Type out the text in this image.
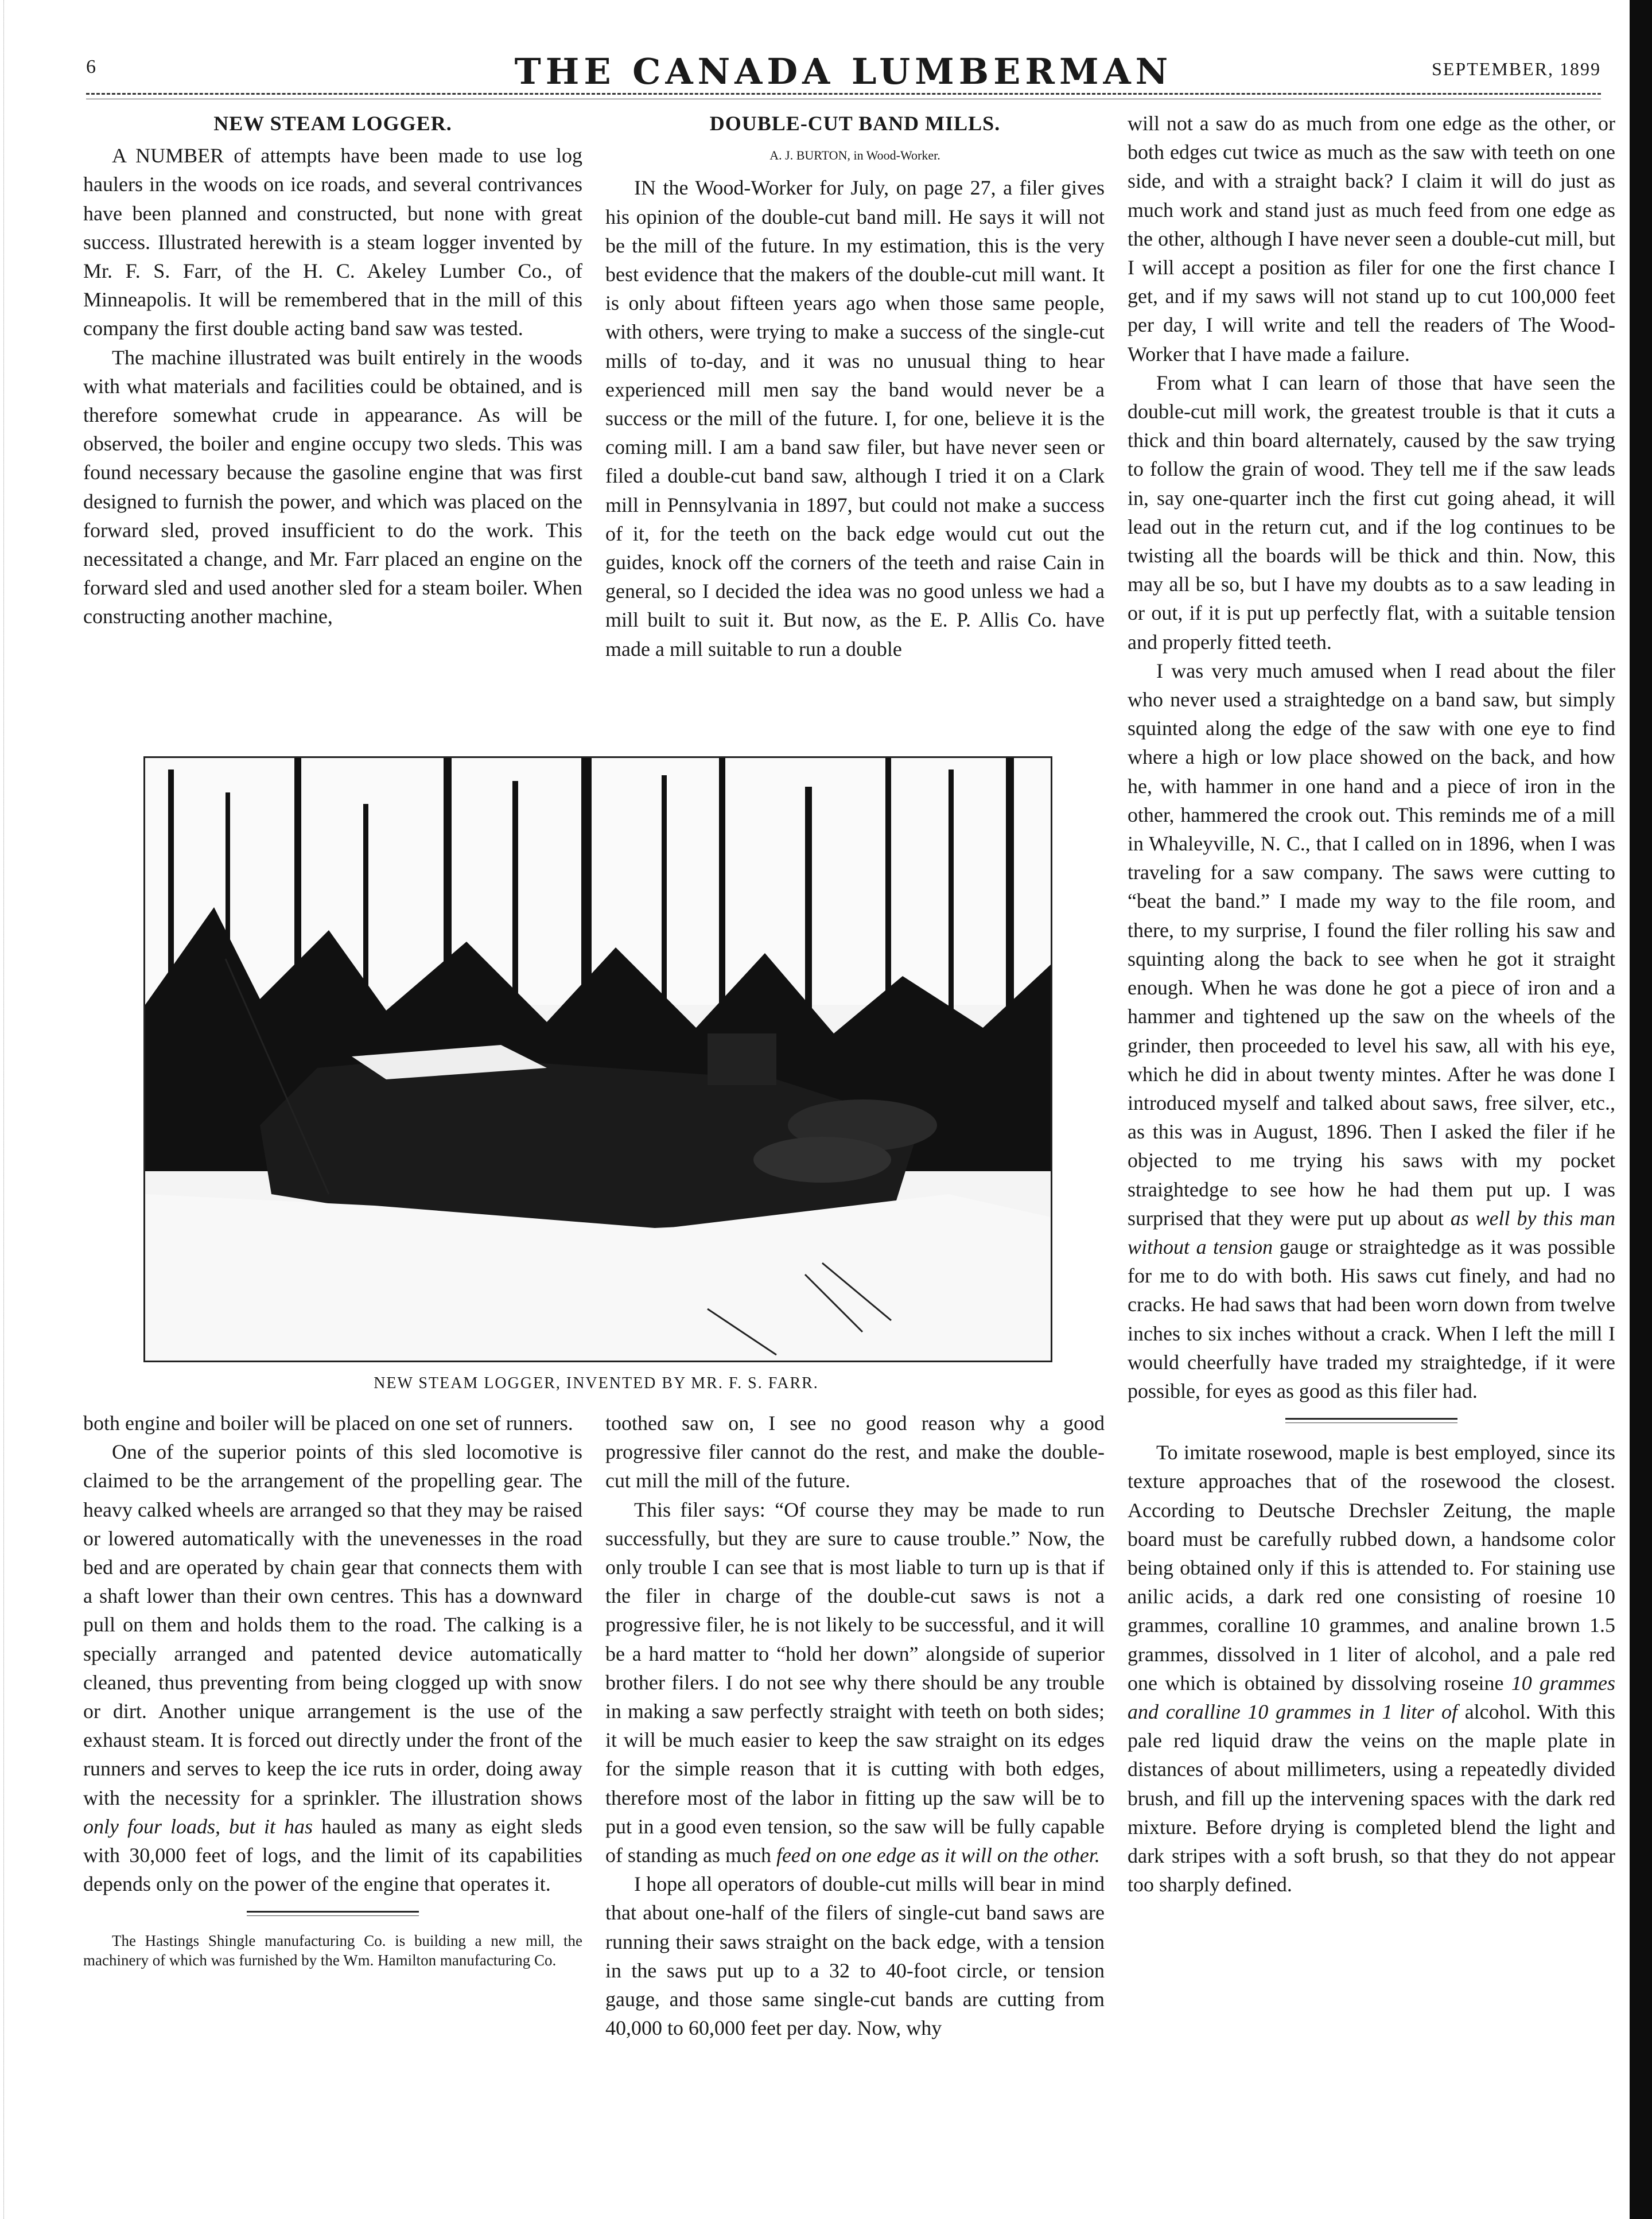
6	THE CANADA LUMBERMAN	SEPTEMBER, 1899
NEW STEAM LOGGER.

A NUMBER of attempts have been made to use log haulers in the woods on ice roads, and several contrivances have been planned and constructed, but none with great success. Illustrated herewith is a steam logger invented by Mr. F. S. Farr, of the H. C. Akeley Lumber Co., of Minneapolis. It will be remembered that in the mill of this company the first double acting band saw was tested.

The machine illustrated was built entirely in the woods with what materials and facilities could be obtained, and is therefore somewhat crude in appearance. As will be observed, the boiler and engine occupy two sleds. This was found necessary because the gasoline engine that was first designed to furnish the power, and which was placed on the forward sled, proved insufficient to do the work. This necessitated a change, and Mr. Farr placed an engine on the forward sled and used another sled for a steam boiler. When constructing another machine,

DOUBLE-CUT BAND MILLS.
A. J. BURTON, in Wood-Worker.

IN the Wood-Worker for July, on page 27, a filer gives his opinion of the double-cut band mill. He says it will not be the mill of the future. In my estimation, this is the very best evidence that the makers of the double-cut mill want. It is only about fifteen years ago when those same people, with others, were trying to make a success of the single-cut mills of to-day, and it was no unusual thing to hear experienced mill men say the band would never be a success or the mill of the future. I, for one, believe it is the coming mill. I am a band saw filer, but have never seen or filed a double-cut band saw, although I tried it on a Clark mill in Pennsylvania in 1897, but could not make a success of it, for the teeth on the back edge would cut out the guides, knock off the corners of the teeth and raise Cain in general, so I decided the idea was no good unless we had a mill built to suit it. But now, as the E. P. Allis Co. have made a mill suitable to run a double

NEW STEAM LOGGER, INVENTED BY MR. F. S. FARR.

both engine and boiler will be placed on one set of runners.

One of the superior points of this sled locomotive is claimed to be the arrangement of the propelling gear. The heavy calked wheels are arranged so that they may be raised or lowered automatically with the unevenesses in the road bed and are operated by chain gear that connects them with a shaft lower than their own centres. This has a downward pull on them and holds them to the road. The calking is a specially arranged and patented device automatically cleaned, thus preventing from being clogged up with snow or dirt. Another unique arrangement is the use of the exhaust steam. It is forced out directly under the front of the runners and serves to keep the ice ruts in order, doing away with the necessity for a sprinkler. The illustration shows only four loads, but it has hauled as many as eight sleds with 30,000 feet of logs, and the limit of its capabilities depends only on the power of the engine that operates it.

The Hastings Shingle manufacturing Co. is building a new mill, the machinery of which was furnished by the Wm. Hamilton manufacturing Co.

toothed saw on, I see no good reason why a good progressive filer cannot do the rest, and make the double-cut mill the mill of the future.

This filer says: “Of course they may be made to run successfully, but they are sure to cause trouble.” Now, the only trouble I can see that is most liable to turn up is that if the filer in charge of the double-cut saws is not a progressive filer, he is not likely to be successful, and it will be a hard matter to “hold her down” alongside of superior brother filers. I do not see why there should be any trouble in making a saw perfectly straight with teeth on both sides; it will be much easier to keep the saw straight on its edges for the simple reason that it is cutting with both edges, therefore most of the labor in fitting up the saw will be to put in a good even tension, so the saw will be fully capable of standing as much feed on one edge as it will on the other.

I hope all operators of double-cut mills will bear in mind that about one-half of the filers of single-cut band saws are running their saws straight on the back edge, with a tension in the saws put up to a 32 to 40-foot circle, or tension gauge, and those same single-cut bands are cutting from 40,000 to 60,000 feet per day. Now, why

will not a saw do as much from one edge as the other, or both edges cut twice as much as the saw with teeth on one side, and with a straight back? I claim it will do just as much work and stand just as much feed from one edge as the other, although I have never seen a double-cut mill, but I will accept a position as filer for one the first chance I get, and if my saws will not stand up to cut 100,000 feet per day, I will write and tell the readers of The Wood-Worker that I have made a failure.

From what I can learn of those that have seen the double-cut mill work, the greatest trouble is that it cuts a thick and thin board alternately, caused by the saw trying to follow the grain of wood. They tell me if the saw leads in, say one-quarter inch the first cut going ahead, it will lead out in the return cut, and if the log continues to be twisting all the boards will be thick and thin. Now, this may all be so, but I have my doubts as to a saw leading in or out, if it is put up perfectly flat, with a suitable tension and properly fitted teeth.

I was very much amused when I read about the filer who never used a straightedge on a band saw, but simply squinted along the edge of the saw with one eye to find where a high or low place showed on the back, and how he, with hammer in one hand and a piece of iron in the other, hammered the crook out. This reminds me of a mill in Whaleyville, N. C., that I called on in 1896, when I was traveling for a saw company. The saws were cutting to “beat the band.” I made my way to the file room, and there, to my surprise, I found the filer rolling his saw and squinting along the back to see when he got it straight enough. When he was done he got a piece of iron and a hammer and tightened up the saw on the wheels of the grinder, then proceeded to level his saw, all with his eye, which he did in about twenty mintes. After he was done I introduced myself and talked about saws, free silver, etc., as this was in August, 1896. Then I asked the filer if he objected to me trying his saws with my pocket straightedge to see how he had them put up. I was surprised that they were put up about as well by this man without a tension gauge or straightedge as it was possible for me to do with both. His saws cut finely, and had no cracks. He had saws that had been worn down from twelve inches to six inches without a crack. When I left the mill I would cheerfully have traded my straightedge, if it were possible, for eyes as good as this filer had.

To imitate rosewood, maple is best employed, since its texture approaches that of the rosewood the closest. According to Deutsche Drechsler Zeitung, the maple board must be carefully rubbed down, a handsome color being obtained only if this is attended to. For staining use anilic acids, a dark red one consisting of roesine 10 grammes, coralline 10 grammes, and analine brown 1.5 grammes, dissolved in 1 liter of alcohol, and a pale red one which is obtained by dissolving roseine 10 grammes and coralline 10 grammes in 1 liter of alcohol. With this pale red liquid draw the veins on the maple plate in distances of about millimeters, using a repeatedly divided brush, and fill up the intervening spaces with the dark red mixture. Before drying is completed blend the light and dark stripes with a soft brush, so that they do not appear too sharply defined.
